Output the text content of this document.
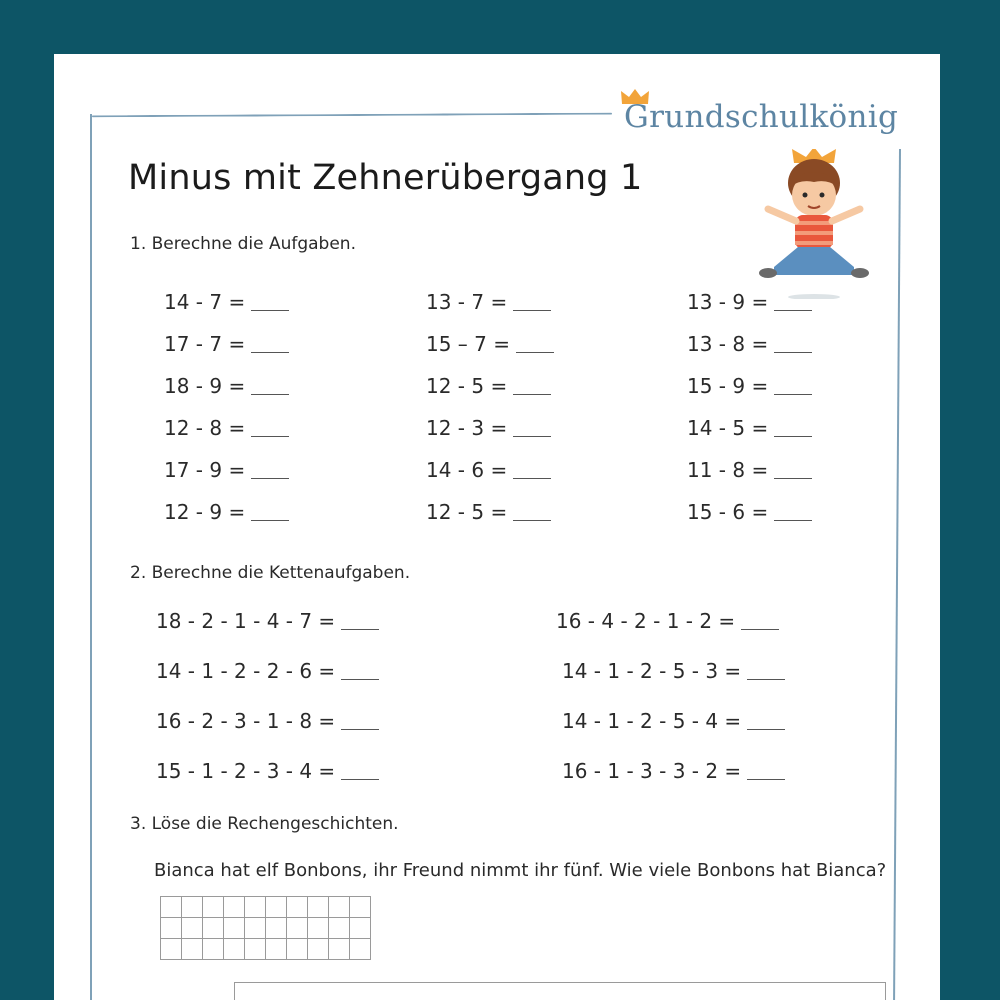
Grundschulkönig
Minus mit Zehnerübergang 1
1. Berechne die Aufgaben.
14 - 7 =
17 - 7 =
18 - 9 =
12 - 8 =
17 - 9 =
12 - 9 =
13 - 7 =
15 – 7 =
12 - 5 =
12 - 3 =
14 - 6 =
12 - 5 =
13 - 9 =
13 - 8 =
15 - 9 =
14 - 5 =
11 - 8 =
15 - 6 =
2. Berechne die Kettenaufgaben.
18 - 2 - 1 - 4 - 7 =
14 - 1 - 2 - 2 - 6 =
16 - 2 - 3 - 1 - 8 =
15 - 1 - 2 - 3 - 4 =
16 - 4 - 2 - 1 - 2 =
14 - 1 - 2 - 5 - 3 =
14 - 1 - 2 - 5 - 4 =
16 - 1 - 3 - 3 - 2 =
3. Löse die Rechengeschichten.
Bianca hat elf Bonbons, ihr Freund nimmt ihr fünf. Wie viele Bonbons hat Bianca?
